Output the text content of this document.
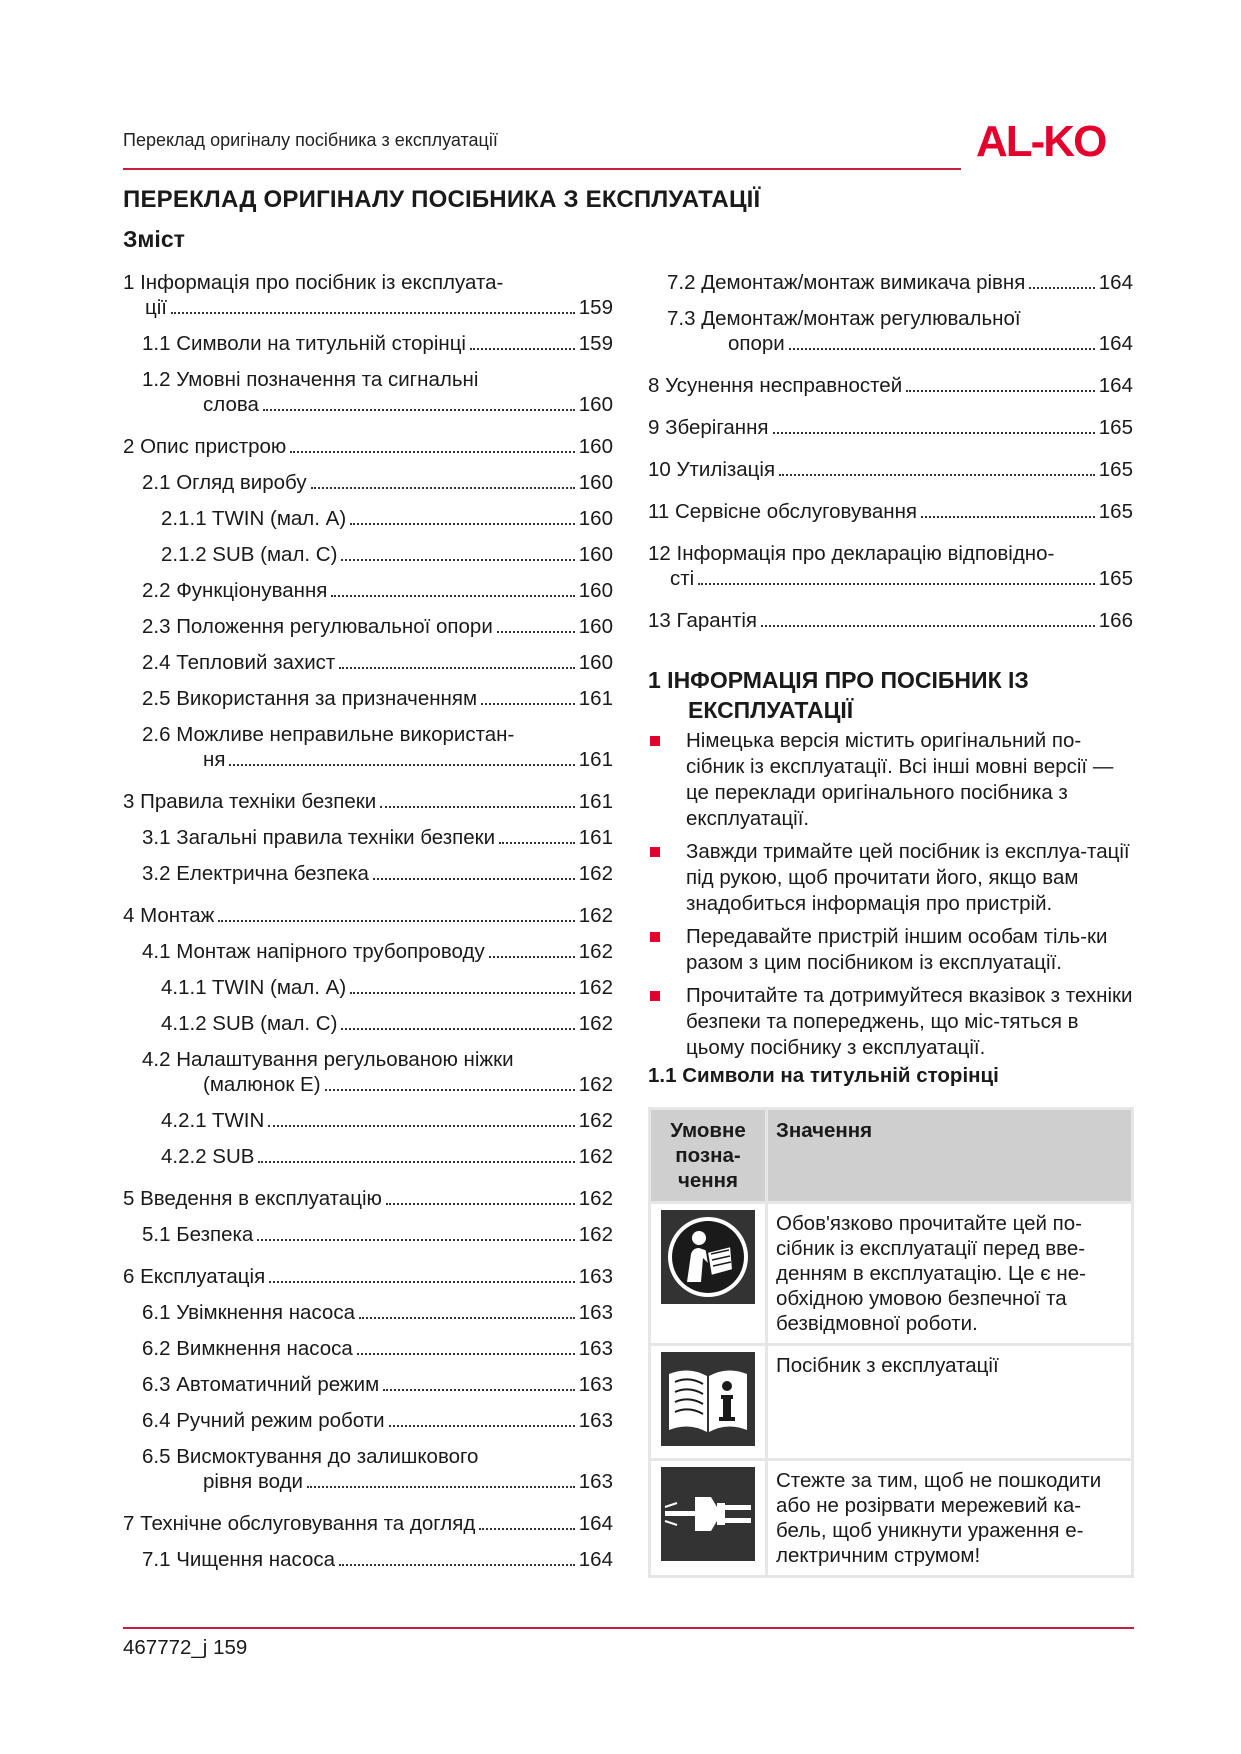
Переклад оригіналу посібника з експлуатації	AL-KO
ПЕРЕКЛАД ОРИГІНАЛУ ПОСІБНИКА З ЕКСПЛУАТАЦІЇ
Зміст
1 Інформація про посібник із експлуата-
ції	159
1.1 Символи на титульній сторінці	159
1.2 Умовні позначення та сигнальні
слова	160
2 Опис пристрою	160
2.1 Огляд виробу	160
2.1.1 TWIN (мал. A)	160
2.1.2 SUB (мал. C)	160
2.2 Функціонування	160
2.3 Положення регулювальної опори	160
2.4 Тепловий захист	160
2.5 Використання за призначенням	161
2.6 Можливе неправильне використан-
ня	161
3 Правила техніки безпеки	161
3.1 Загальні правила техніки безпеки	161
3.2 Електрична безпека	162
4 Монтаж	162
4.1 Монтаж напірного трубопроводу	162
4.1.1 TWIN (мал. A)	162
4.1.2 SUB (мал. C)	162
4.2 Налаштування регульованою ніжки
(малюнок E)	162
4.2.1 TWIN	162
4.2.2 SUB	162
5 Введення в експлуатацію	162
5.1 Безпека	162
6 Експлуатація	163
6.1 Увімкнення насоса	163
6.2 Вимкнення насоса	163
6.3 Автоматичний режим	163
6.4 Ручний режим роботи	163
6.5 Висмоктування до залишкового
рівня води	163
7 Технічне обслуговування та догляд	164
7.1 Чищення насоса	164
7.2 Демонтаж/монтаж вимикача рівня	164
7.3 Демонтаж/монтаж регулювальної
опори	164
8 Усунення несправностей	164
9 Зберігання	165
10 Утилізація	165
11 Сервісне обслуговування	165
12 Інформація про декларацію відповідно-
сті	165
13 Гарантія	166
1 ІНФОРМАЦІЯ ПРО ПОСІБНИК ІЗ
ЕКСПЛУАТАЦІЇ
Німецька версія містить оригінальний по-сібник із експлуатації. Всі інші мовні версії — це переклади оригінального посібника з експлуатації.
Завжди тримайте цей посібник із експлуа-тації під рукою, щоб прочитати його, якщо вам знадобиться інформація про пристрій.
Передавайте пристрій іншим особам тіль-ки разом з цим посібником із експлуатації.
Прочитайте та дотримуйтеся вказівок з техніки безпеки та попереджень, що міс-тяться в цьому посібнику з експлуатації.
1.1 Символи на титульній сторінці
Умовне позна-чення	Значення
	Обов'язково прочитайте цей по-сібник із експлуатації перед вве-денням в експлуатацію. Це є не-обхідною умовою безпечної та безвідмовної роботи.
	Посібник з експлуатації
	Стежте за тим, щоб не пошкодити або не розірвати мережевий ка-бель, щоб уникнути ураження е-лектричним струмом!
467772_j 159
